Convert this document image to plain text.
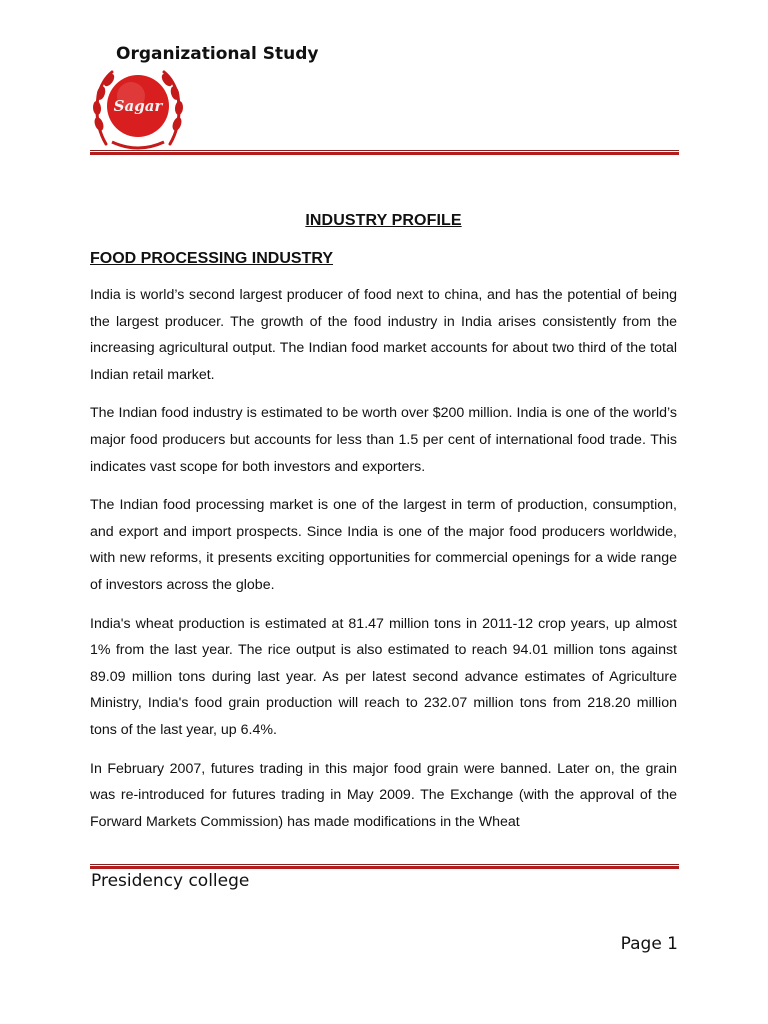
Organizational Study
Sagar
INDUSTRY PROFILE
FOOD PROCESSING INDUSTRY

India is world’s second largest producer of food next to china, and has the potential of being the largest producer. The growth of the food industry in India arises consistently from the increasing agricultural output. The Indian food market accounts for about two third of the total Indian retail market.

The Indian food industry is estimated to be worth over $200 million. India is one of the world’s major food producers but accounts for less than 1.5 per cent of international food trade. This indicates vast scope for both investors and exporters.

The Indian food processing market is one of the largest in term of production, consumption, and export and import prospects. Since India is one of the major food producers worldwide, with new reforms, it presents exciting opportunities for commercial openings for a wide range of investors across the globe.

India's wheat production is estimated at 81.47 million tons in 2011-12 crop years, up almost 1% from the last year. The rice output is also estimated to reach 94.01 million tons against 89.09 million tons during last year. As per latest second advance estimates of Agriculture Ministry, India's food grain production will reach to 232.07 million tons from 218.20 million tons of the last year, up 6.4%.

In February 2007, futures trading in this major food grain were banned. Later on, the grain was re-introduced for futures trading in May 2009. The Exchange (with the approval of the Forward Markets Commission) has made modifications in the Wheat

Presidency college
Page 1
